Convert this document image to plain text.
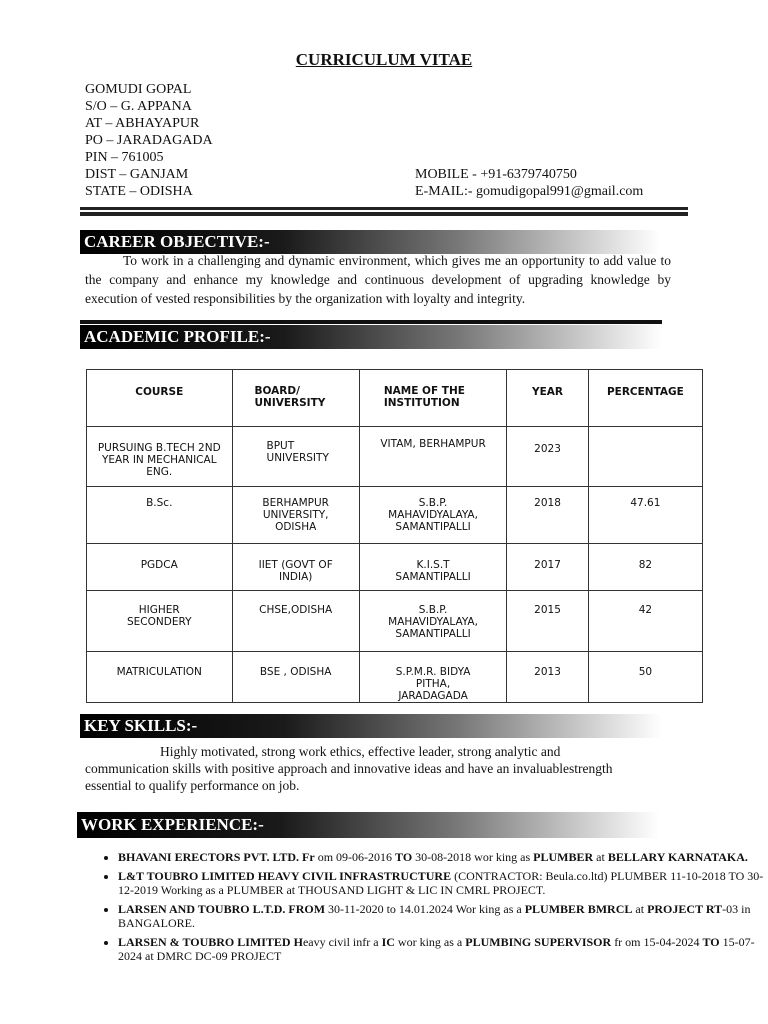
CURRICULUM VITAE
GOMUDI GOPAL
S/O – G. APPANA
AT – ABHAYAPUR
PO – JARADAGADA
PIN – 761005
DIST – GANJAM
STATE – ODISHA
MOBILE - +91-6379740750
E-MAIL:- gomudigopal991@gmail.com
CAREER OBJECTIVE:-
To work in a challenging and dynamic environment, which gives me an opportunity to add value to the company and enhance my knowledge and continuous development of upgrading knowledge by execution of vested responsibilities by the organization with loyalty and integrity.
ACADEMIC PROFILE:-
COURSE	BOARD/ UNIVERSITY	NAME OF THE INSTITUTION	YEAR	PERCENTAGE
PURSUING B.TECH 2ND YEAR IN MECHANICAL ENG.	BPUT UNIVERSITY	VITAM, BERHAMPUR	2023	
B.Sc.	BERHAMPUR UNIVERSITY, ODISHA	S.B.P. MAHAVIDYALAYA, SAMANTIPALLI	2018	47.61
PGDCA	IIET (GOVT OF INDIA)	K.I.S.T SAMANTIPALLI	2017	82
HIGHER SECONDERY	CHSE,ODISHA	S.B.P. MAHAVIDYALAYA, SAMANTIPALLI	2015	42
MATRICULATION	BSE , ODISHA	S.P.M.R. BIDYA PITHA, JARADAGADA	2013	50
KEY SKILLS:-
Highly motivated, strong work ethics, effective leader, strong analytic and communication skills with positive approach and innovative ideas and have an invaluablestrength essential to qualify performance on job.
WORK EXPERIENCE:-
• BHAVANI ERECTORS PVT. LTD. Fr om 09-06-2016 TO 30-08-2018 wor king as PLUMBER at BELLARY KARNATAKA.
• L&T TOUBRO LIMITED HEAVY CIVIL INFRASTRUCTURE (CONTRACTOR: Beula.co.ltd) PLUMBER 11-10-2018 TO 30-12-2019 Working as a PLUMBER at THOUSAND LIGHT & LIC IN CMRL PROJECT.
• LARSEN AND TOUBRO L.T.D. FROM 30-11-2020 to 14.01.2024 Wor king as a PLUMBER BMRCL at PROJECT RT-03 in BANGALORE.
• LARSEN & TOUBRO LIMITED Heavy civil infr a IC wor king as a PLUMBING SUPERVISOR fr om 15-04-2024 TO 15-07- 2024 at DMRC DC-09 PROJECT
